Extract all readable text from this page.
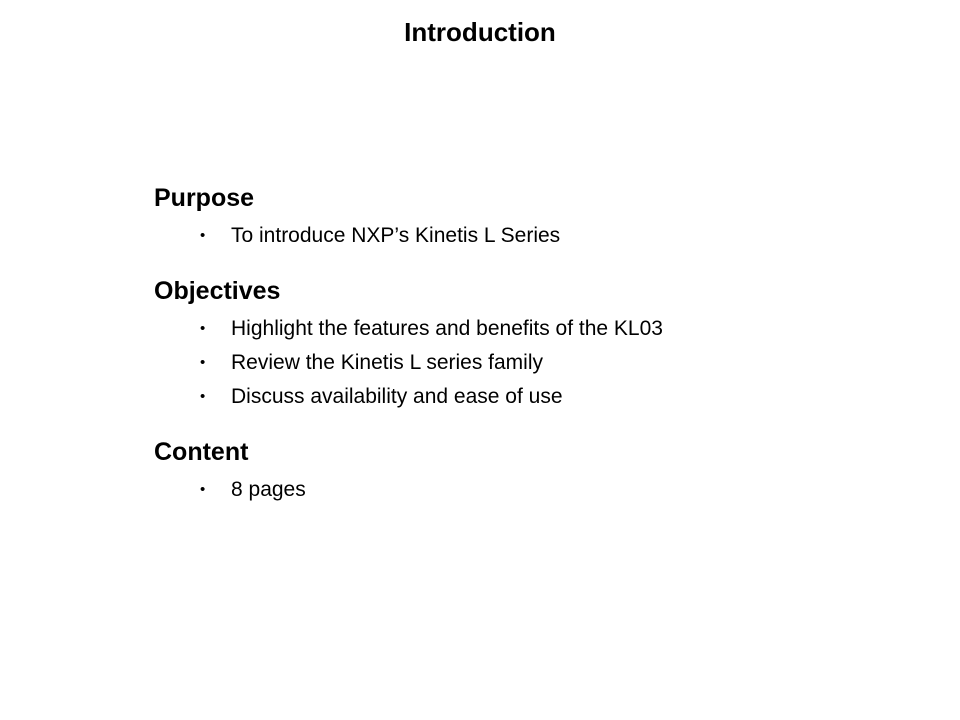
Introduction
Purpose
• To introduce NXP’s Kinetis L Series
Objectives
• Highlight the features and benefits of the KL03
• Review the Kinetis L series family
• Discuss availability and ease of use
Content
• 8 pages
